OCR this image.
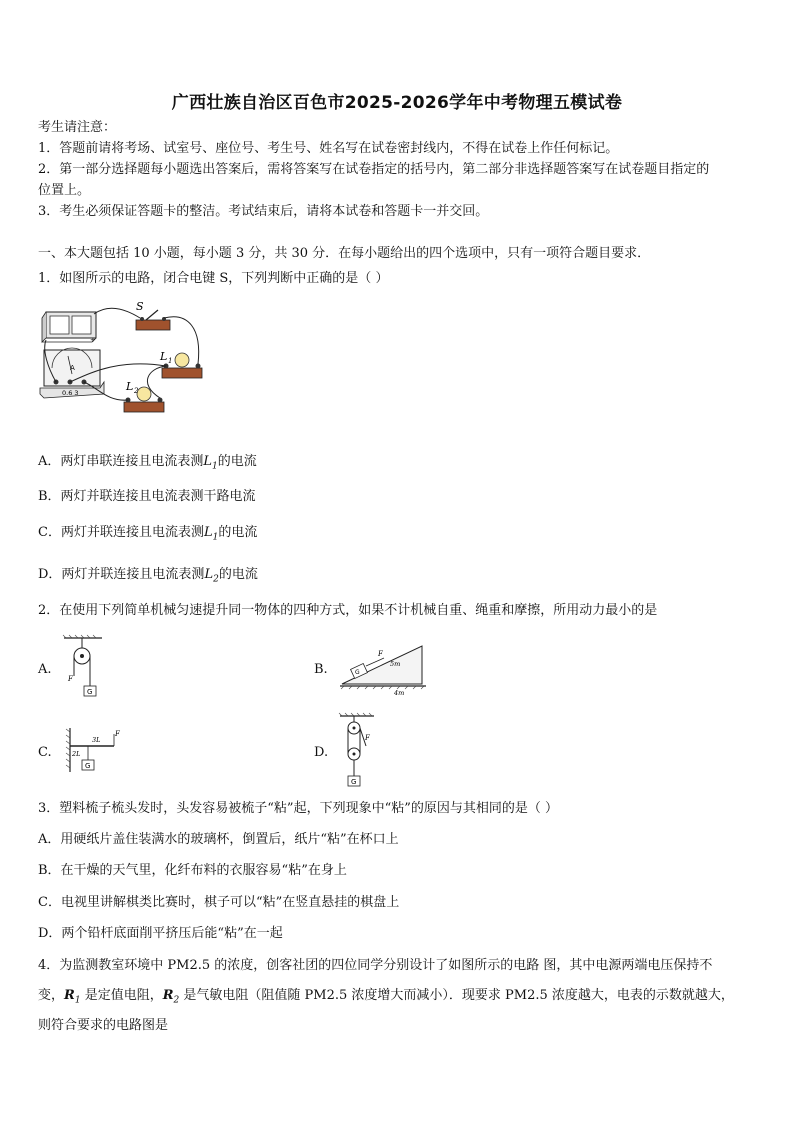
广西壮族自治区百色市2025-2026学年中考物理五模试卷
考生请注意：
1．答题前请将考场、试室号、座位号、考生号、姓名写在试卷密封线内，不得在试卷上作任何标记。
2．第一部分选择题每小题选出答案后，需将答案写在试卷指定的括号内，第二部分非选择题答案写在试卷题目指定的
位置上。
3．考生必须保证答题卡的整洁。考试结束后，请将本试卷和答题卡一并交回。
一、本大题包括 10 小题，每小题 3 分，共 30 分．在每小题给出的四个选项中，只有一项符合题目要求．
1．如图所示的电路，闭合电键 S，下列判断中正确的是（ ）
+
A
0.6 3
S
L 1
L 2
A．两灯串联连接且电流表测$L_1$的电流
B．两灯并联连接且电流表测干路电流
C．两灯并联连接且电流表测$L_1$的电流
D．两灯并联连接且电流表测$L_2$的电流
2．在使用下列简单机械匀速提升同一物体的四种方式，如果不计机械自重、绳重和摩擦，所用动力最小的是
A.
F
G
B.	G
F
5m
4m
C.
F
3L
2L
G
D.
F
G
3．塑料梳子梳头发时，头发容易被梳子“粘”起，下列现象中“粘”的原因与其相同的是（ ）
A．用硬纸片盖住装满水的玻璃杯，倒置后，纸片“粘”在杯口上
B．在干燥的天气里，化纤布料的衣服容易“粘”在身上
C．电视里讲解棋类比赛时，棋子可以“粘”在竖直悬挂的棋盘上
D．两个铅杆底面削平挤压后能“粘”在一起
4．为监测教室环境中 PM2.5 的浓度，创客社团的四位同学分别设计了如图所示的电路 图，其中电源两端电压保持不
变，$R_1$ 是定值电阻，$R_2$ 是气敏电阻（阻值随 PM2.5 浓度增大而减小）．现要求 PM2.5 浓度越大，电表的示数就越大，
则符合要求的电路图是
